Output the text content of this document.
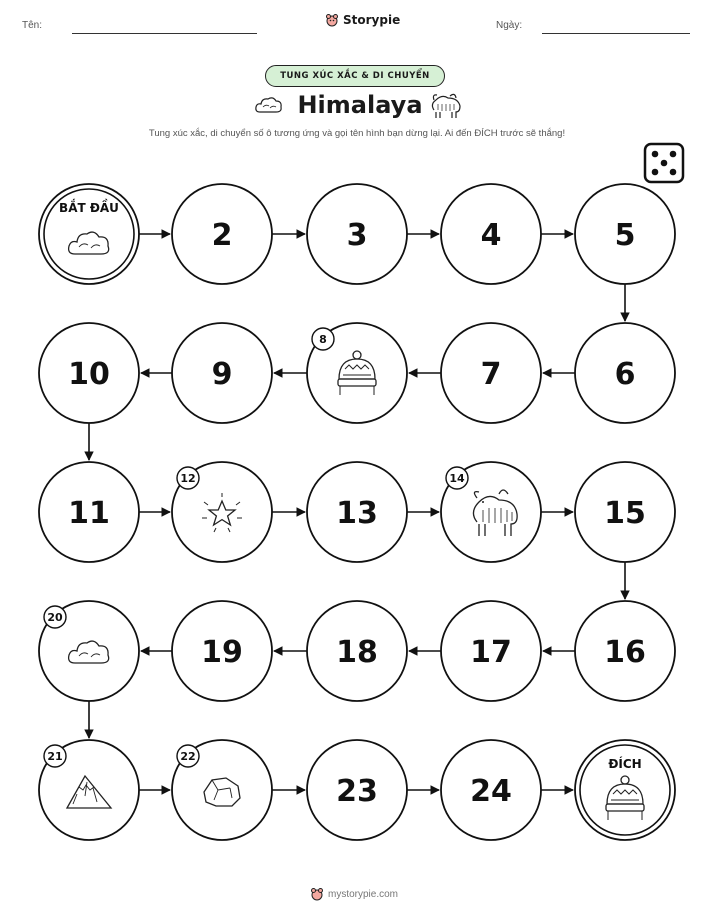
Tên:	Storypie	Ngày:
TUNG XÚC XẮC & DI CHUYỂN
Himalaya
Tung xúc xắc, di chuyển số ô tương ứng và gọi tên hình bạn dừng lại. Ai đến ĐÍCH trước sẽ thắng!
BẮT ĐẦU
2	3	4	5
6
7
8
9
10
11
12
13
14
15
16
17
18
19
20
21	22
23	24
ĐÍCH
mystorypie.com
